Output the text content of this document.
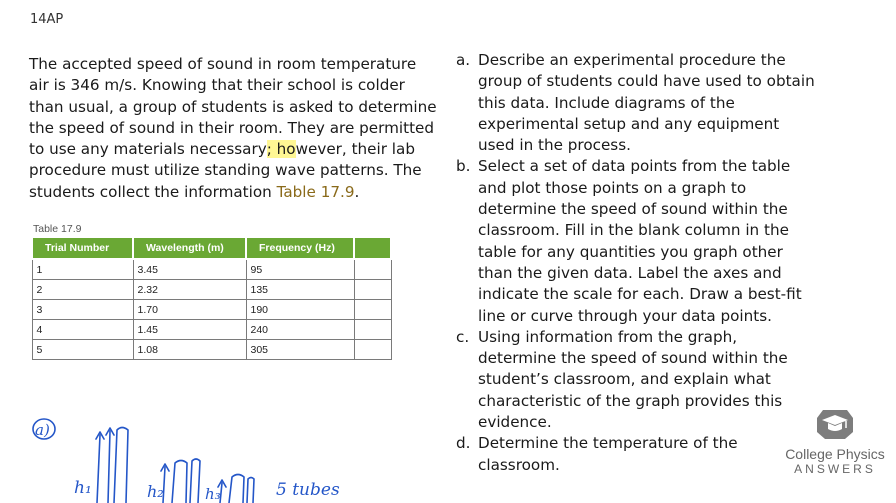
14AP

The accepted speed of sound in room temperature air is 346 m/s. Knowing that their school is colder than usual, a group of students is asked to determine the speed of sound in their room. They are permitted to use any materials necessary; however, their lab procedure must utilize standing wave patterns. The students collect the information Table 17.9.

Table 17.9
Trial Number	Wavelength (m)	Frequency (Hz)	
1	3.45	95	
2	2.32	135	
3	1.70	190	
4	1.45	240	
5	1.08	305	
a. Describe an experimental procedure the group of students could have used to obtain this data. Include diagrams of the experimental setup and any equipment used in the process.
b. Select a set of data points from the table and plot those points on a graph to determine the speed of sound within the classroom. Fill in the blank column in the table for any quantities you graph other than the given data. Label the axes and indicate the scale for each. Draw a best-fit line or curve through your data points.
c. Using information from the graph, determine the speed of sound within the student’s classroom, and explain what characteristic of the graph provides this evidence.
d. Determine the temperature of the classroom.
a)
h₁	h₂	h₃	5 tubes
College Physics
ANSWERS
